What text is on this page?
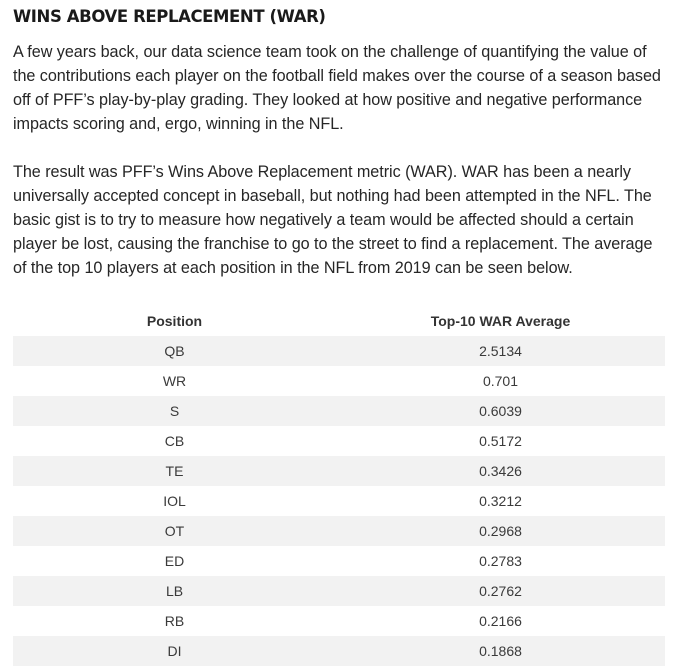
WINS ABOVE REPLACEMENT (WAR)

A few years back, our data science team took on the challenge of quantifying the value of the contributions each player on the football field makes over the course of a season based off of PFF’s play-by-play grading. They looked at how positive and negative performance impacts scoring and, ergo, winning in the NFL.

The result was PFF’s Wins Above Replacement metric (WAR). WAR has been a nearly universally accepted concept in baseball, but nothing had been attempted in the NFL. The basic gist is to try to measure how negatively a team would be affected should a certain player be lost, causing the franchise to go to the street to find a replacement. The average of the top 10 players at each position in the NFL from 2019 can be seen below.

Position	Top-10 WAR Average
QB	2.5134
WR	0.701
S	0.6039
CB	0.5172
TE	0.3426
IOL	0.3212
OT	0.2968
ED	0.2783
LB	0.2762
RB	0.2166
DI	0.1868
